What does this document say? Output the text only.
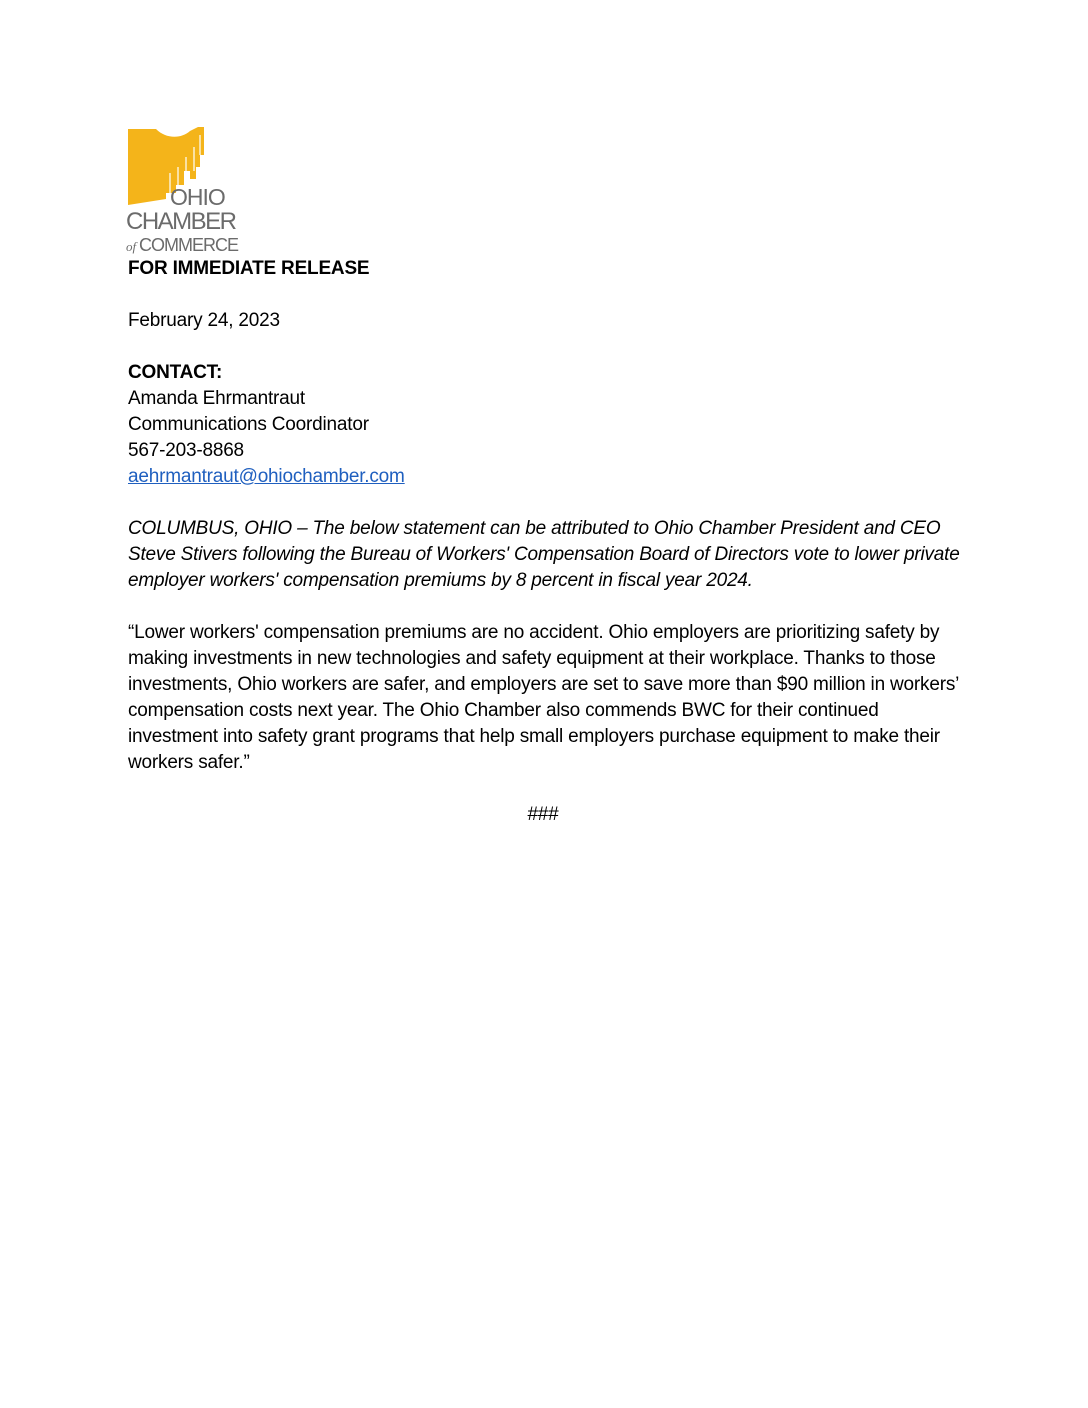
OHIO
CHAMBER
of COMMERCE

FOR IMMEDIATE RELEASE

February 24, 2023

CONTACT:
Amanda Ehrmantraut
Communications Coordinator
567-203-8868
aehrmantraut@ohiochamber.com

COLUMBUS, OHIO – The below statement can be attributed to Ohio Chamber President and CEO Steve Stivers following the Bureau of Workers' Compensation Board of Directors vote to lower private employer workers' compensation premiums by 8 percent in fiscal year 2024.

“Lower workers' compensation premiums are no accident. Ohio employers are prioritizing safety by making investments in new technologies and safety equipment at their workplace. Thanks to those investments, Ohio workers are safer, and employers are set to save more than $90 million in workers’ compensation costs next year. The Ohio Chamber also commends BWC for their continued investment into safety grant programs that help small employers purchase equipment to make their workers safer.”

###
